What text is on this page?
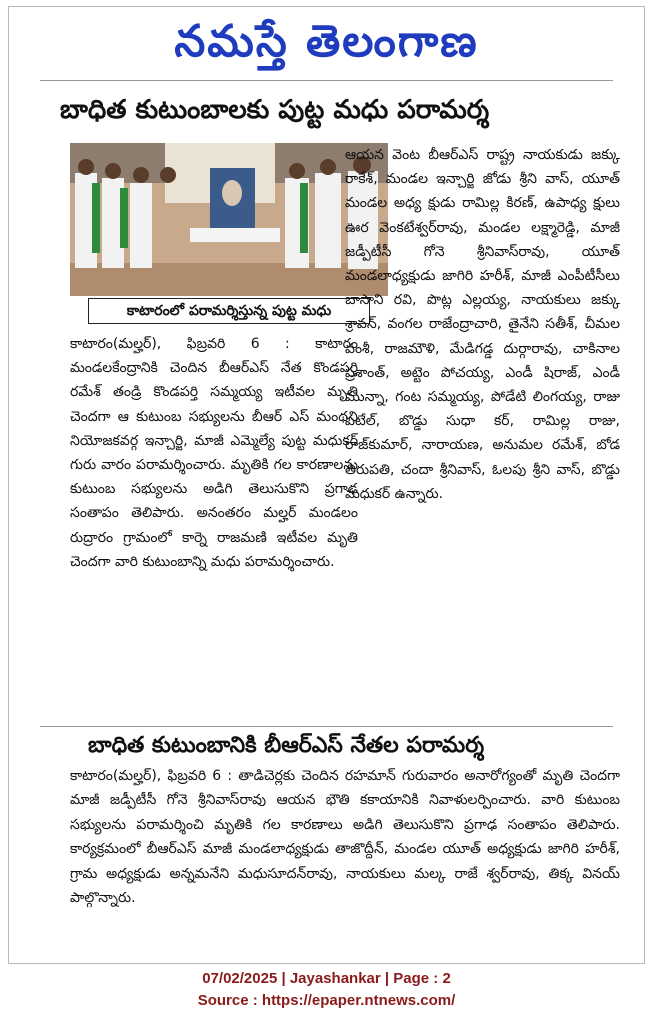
నమస్తే తెలంగాణ
బాధిత కుటుంబాలకు పుట్ట మధు పరామర్శ
కాటారంలో పరామర్శిస్తున్న పుట్ట మధు

ఆయన వెంట బీఆర్ఎస్ రాష్ట్ర నాయకుడు జక్కు రాకేశ్, మండల ఇన్చార్జి జోడు శ్రీని వాస్, యూత్ మండల అధ్య క్షుడు రామిల్ల కిరణ్, ఉపాధ్య క్షులు ఊర వెంకటేశ్వర్‌రావు, మండల లక్ష్మారెడ్డి, మాజీ జడ్పీటీసీ గోనె శ్రీనివాస్‌రావు, యూత్ మండలాధ్యక్షుడు జాగిరి హరీశ్, మాజీ ఎంపీటీసీలు బాసాని రవి, పొట్ల ఎల్లయ్య, నాయకులు జక్కు శ్రావన్, వంగల రాజేంద్రాచారి, తైనేని సతీశ్, చీమల వంశీ, రాజమౌళి, మేడిగడ్డ దుర్గారావు, చాకినాల ప్రశాంత్, అట్టెం పోచయ్య, ఎండీ షిరాజ్, ఎండీ మున్నా, గంట సమ్మయ్య, పోడేటి లింగయ్య, రాజు పటేల్, బొడ్డు సుధా కర్, రామిల్ల రాజు, రాజ్‌కుమార్, నారాయణ, అనుమల రమేశ్, బోడ తిరుపతి, చందా శ్రీనివాస్, ఓలపు శ్రీని వాస్, బొడ్డు మధుకర్ ఉన్నారు.

కాటారం(మల్హర్), ఫిబ్రవరి 6 : కాటారం మండలకేంద్రానికి చెందిన బీఆర్ఎస్ నేత కొండపర్తి రమేశ్ తండ్రి కొండపర్తి సమ్మయ్య ఇటీవల మృతి చెందగా ఆ కుటుంబ సభ్యులను బీఆర్ ఎస్ మంథని నియోజకవర్గ ఇన్చార్జి, మాజీ ఎమ్మెల్యే పుట్ట మధుకర్ గురు వారం పరామర్శించారు. మృతికి గల కారణాలను కుటుంబ సభ్యులను అడిగి తెలుసుకొని ప్రగాఢ సంతాపం తెలిపారు. అనంతరం మల్హర్ మండలం రుద్రారం గ్రామంలో కార్నె రాజమణి ఇటీవల మృతి చెందగా వారి కుటుంబాన్ని మధు పరామర్శించారు.

బాధిత కుటుంబానికి బీఆర్ఎస్ నేతల పరామర్శ
కాటారం(మల్హర్), ఫిబ్రవరి 6 : తాడిచెర్లకు చెందిన రహమాన్ గురువారం అనారోగ్యంతో మృతి చెందగా మాజీ జడ్పీటీసీ గోనె శ్రీనివాస్‌రావు ఆయన భౌతి కకాయానికి నివాళులర్పించారు. వారి కుటుంబ సభ్యులను పరామర్శించి మృతికి గల కారణాలు అడిగి తెలుసుకొని ప్రగాఢ సంతాపం తెలిపారు. కార్యక్రమంలో బీఆర్ఎస్ మాజీ మండలాధ్యక్షుడు తాజొద్దీన్, మండల యూత్ అధ్యక్షుడు జాగిరి హరీశ్, గ్రామ అధ్యక్షుడు అన్నమనేని మధుసూదన్‌రావు, నాయకులు మల్క రాజే శ్వర్‌రావు, తిక్క వినయ్ పాల్గొన్నారు.
07/02/2025 | Jayashankar | Page : 2
Source : https://epaper.ntnews.com/
